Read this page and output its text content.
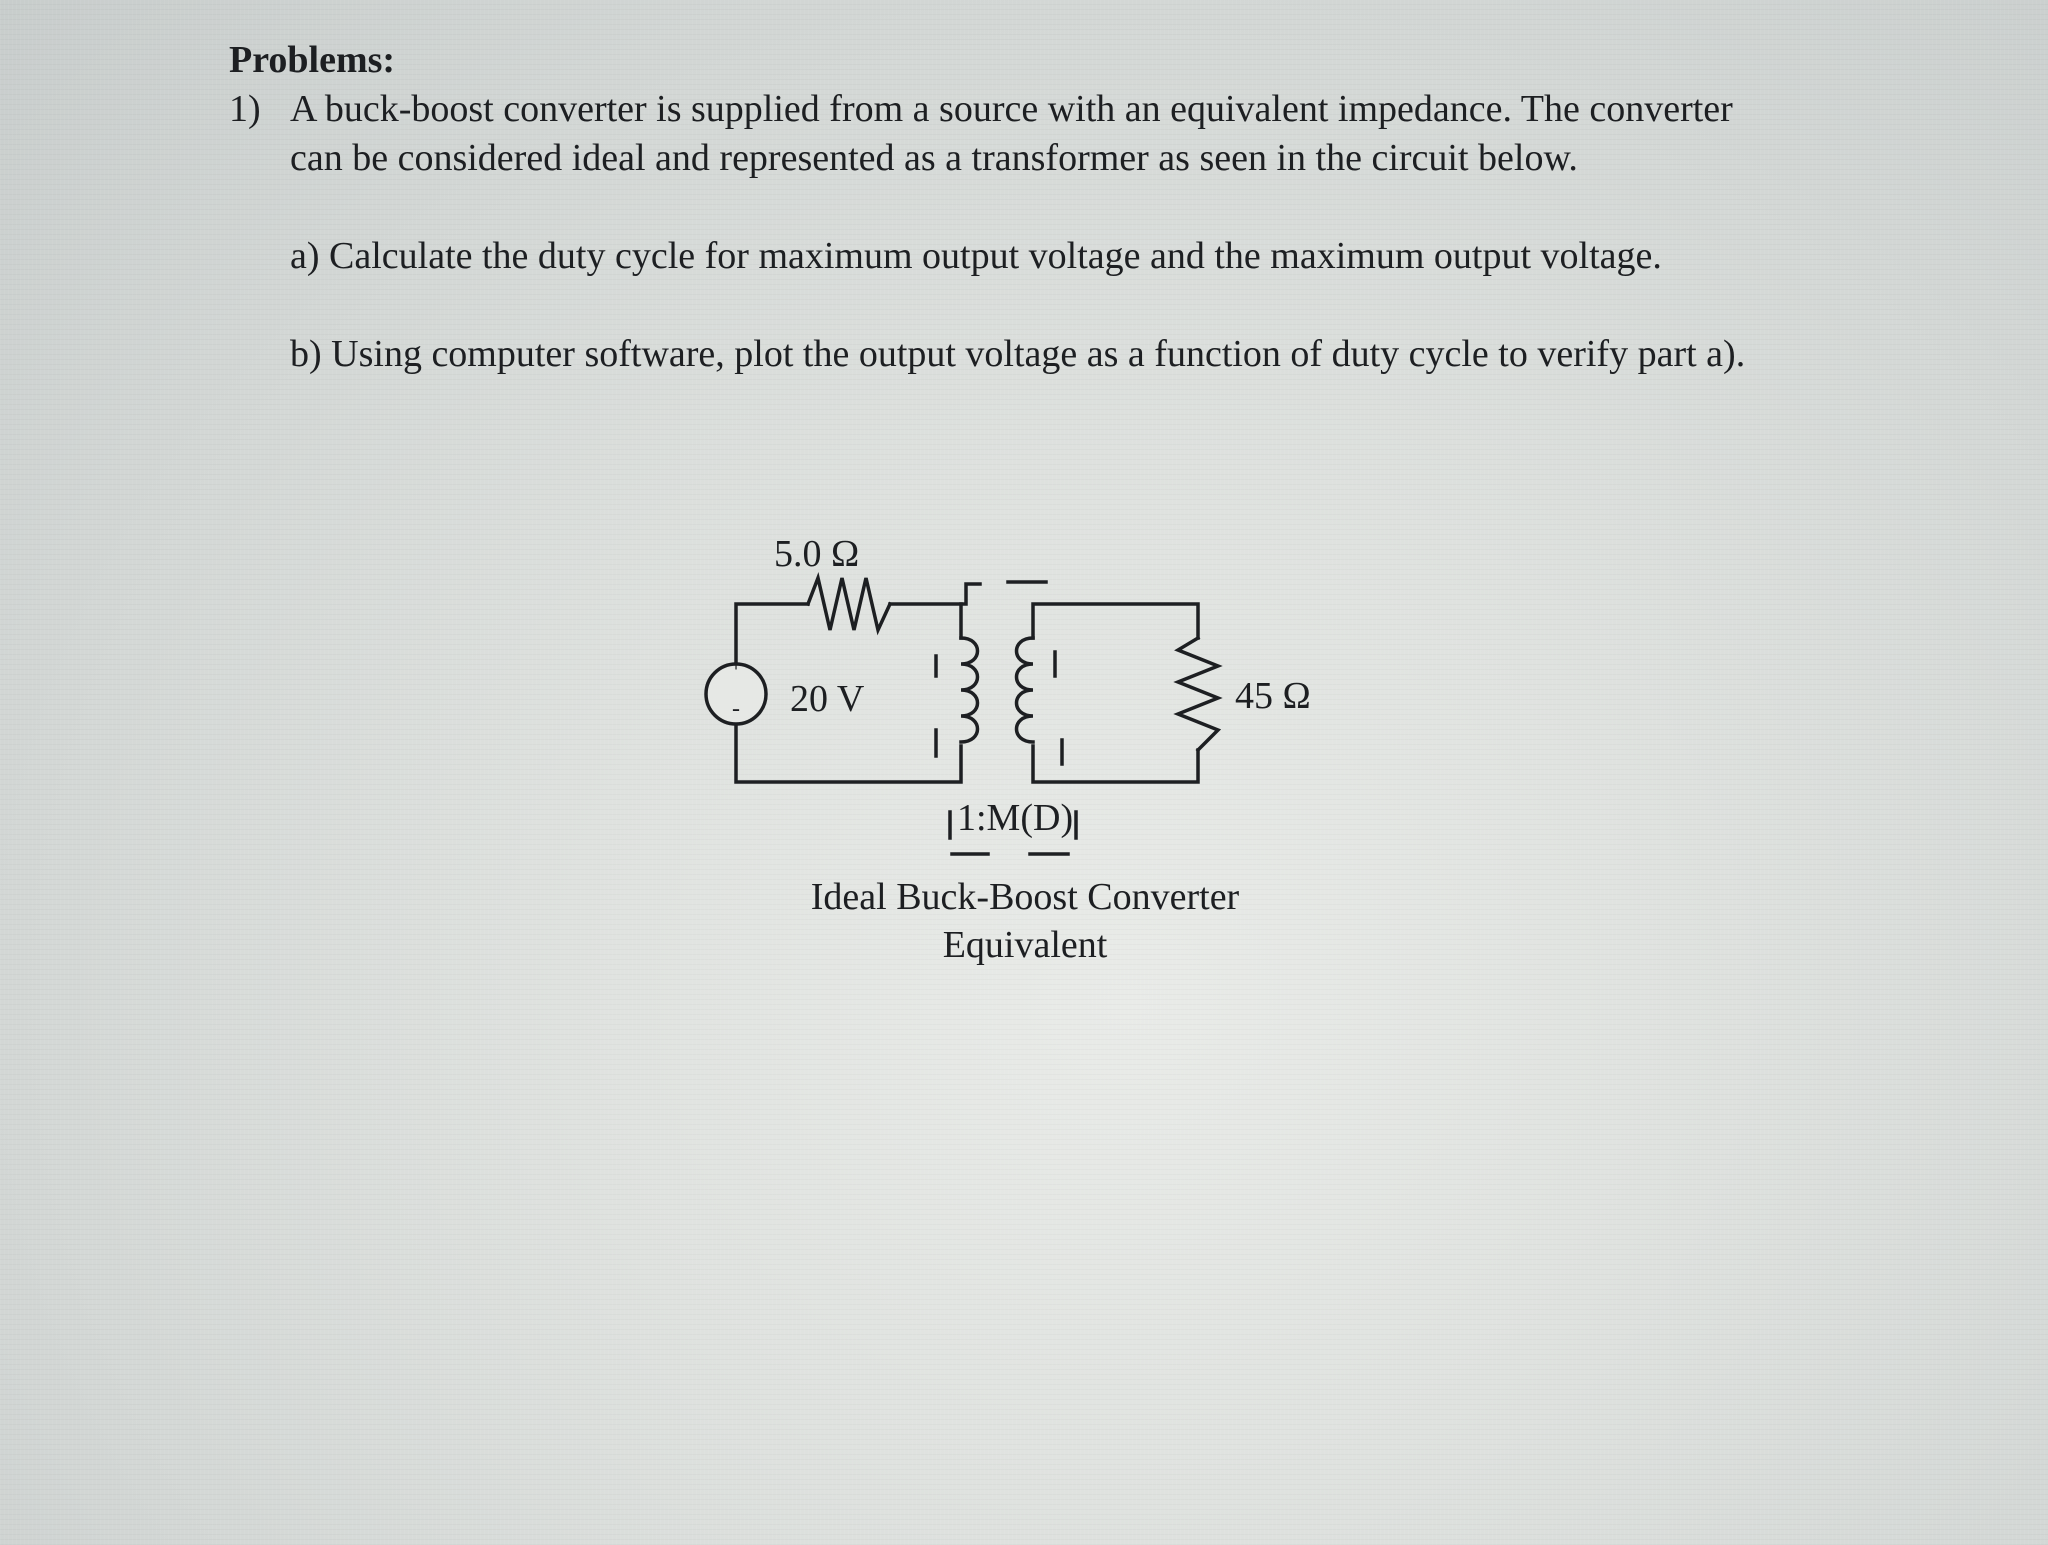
Problems:
1) A buck-boost converter is supplied from a source with an equivalent impedance. The converter can be considered ideal and represented as a transformer as seen in the circuit below.

a) Calculate the duty cycle for maximum output voltage and the maximum output voltage.

b) Using computer software, plot the output voltage as a function of duty cycle to verify part a).

+
-
5.0 Ω
20 V	45 Ω
1:M(D)
Ideal Buck-Boost Converter
Equivalent
